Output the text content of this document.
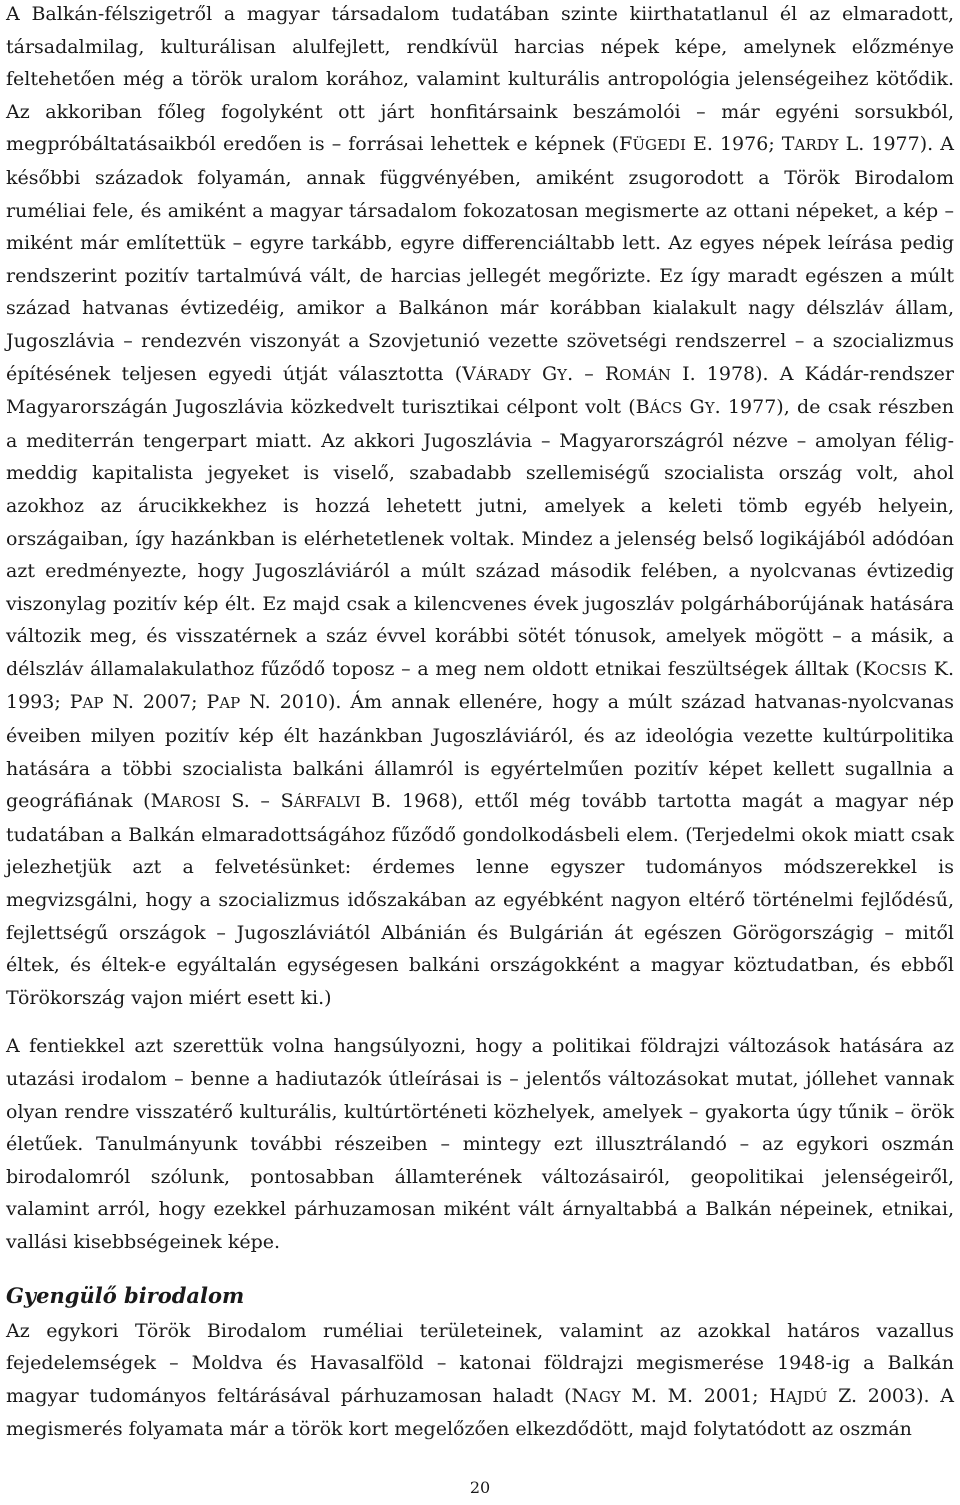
A Balkán-félszigetről a magyar társadalom tudatában szinte kiirthatatlanul él az elmaradott, társadalmilag, kulturálisan alulfejlett, rendkívül harcias népek képe, amelynek előzménye feltehetően még a török uralom korához, valamint kulturális antropológia jelenségeihez kötődik. Az akkoriban főleg fogolyként ott járt honfitársaink beszámolói – már egyéni sorsukból, megpróbáltatásaikból eredően is – forrásai lehettek e képnek (FÜGEDI E. 1976; TARDY L. 1977). A későbbi századok folyamán, annak függvényében, amiként zsugorodott a Török Birodalom ruméliai fele, és amiként a magyar társadalom fokozatosan megismerte az ottani népeket, a kép – miként már említettük – egyre tarkább, egyre differenciáltabb lett. Az egyes népek leírása pedig rendszerint pozitív tartalmúvá vált, de harcias jellegét megőrizte. Ez így maradt egészen a múlt század hatvanas évtizedéig, amikor a Balkánon már korábban kialakult nagy délszláv állam, Jugoszlávia – rendezvén viszonyát a Szovjetunió vezette szövetségi rendszerrel – a szocializmus építésének teljesen egyedi útját választotta (VÁRADY GY. – ROMÁN I. 1978). A Kádár-rendszer Magyarországán Jugoszlávia közkedvelt turisztikai célpont volt (BÁCS GY. 1977), de csak részben a mediterrán tengerpart miatt. Az akkori Jugoszlávia – Magyarországról nézve – amolyan félig-meddig kapitalista jegyeket is viselő, szabadabb szellemiségű szocialista ország volt, ahol azokhoz az árucikkekhez is hozzá lehetett jutni, amelyek a keleti tömb egyéb helyein, országaiban, így hazánkban is elérhetetlenek voltak. Mindez a jelenség belső logikájából adódóan azt eredményezte, hogy Jugoszláviáról a múlt század második felében, a nyolcvanas évtizedig viszonylag pozitív kép élt. Ez majd csak a kilencvenes évek jugoszláv polgárháborújának hatására változik meg, és visszatérnek a száz évvel korábbi sötét tónusok, amelyek mögött – a másik, a délszláv államalakulathoz fűződő toposz – a meg nem oldott etnikai feszültségek álltak (KOCSIS K. 1993; PAP N. 2007; PAP N. 2010). Ám annak ellenére, hogy a múlt század hatvanas-nyolcvanas éveiben milyen pozitív kép élt hazánkban Jugoszláviáról, és az ideológia vezette kultúrpolitika hatására a többi szocialista balkáni államról is egyértelműen pozitív képet kellett sugallnia a geográfiának (MAROSI S. – SÁRFALVI B. 1968), ettől még tovább tartotta magát a magyar nép tudatában a Balkán elmaradottságához fűződő gondolkodásbeli elem. (Terjedelmi okok miatt csak jelezhetjük azt a felvetésünket: érdemes lenne egyszer tudományos módszerekkel is megvizsgálni, hogy a szocializmus időszakában az egyébként nagyon eltérő történelmi fejlődésű, fejlettségű országok – Jugoszláviától Albánián és Bulgárián át egészen Görögországig – mitől éltek, és éltek-e egyáltalán egységesen balkáni országokként a magyar köztudatban, és ebből Törökország vajon miért esett ki.)

A fentiekkel azt szerettük volna hangsúlyozni, hogy a politikai földrajzi változások hatására az utazási irodalom – benne a hadiutazók útleírásai is – jelentős változásokat mutat, jóllehet vannak olyan rendre visszatérő kulturális, kultúrtörténeti közhelyek, amelyek – gyakorta úgy tűnik – örök életűek. Tanulmányunk további részeiben – mintegy ezt illusztrálandó – az egykori oszmán birodalomról szólunk, pontosabban államterének változásairól, geopolitikai jelenségeiről, valamint arról, hogy ezekkel párhuzamosan miként vált árnyaltabbá a Balkán népeinek, etnikai, vallási kisebbségeinek képe.

Gyengülő birodalom

Az egykori Török Birodalom ruméliai területeinek, valamint az azokkal határos vazallus fejedelemségek – Moldva és Havasalföld – katonai földrajzi megismerése 1948-ig a Balkán magyar tudományos feltárásával párhuzamosan haladt (NAGY M. M. 2001; HAJDÚ Z. 2003). A megismerés folyamata már a török kort megelőzően elkezdődött, majd folytatódott az oszmán

20
